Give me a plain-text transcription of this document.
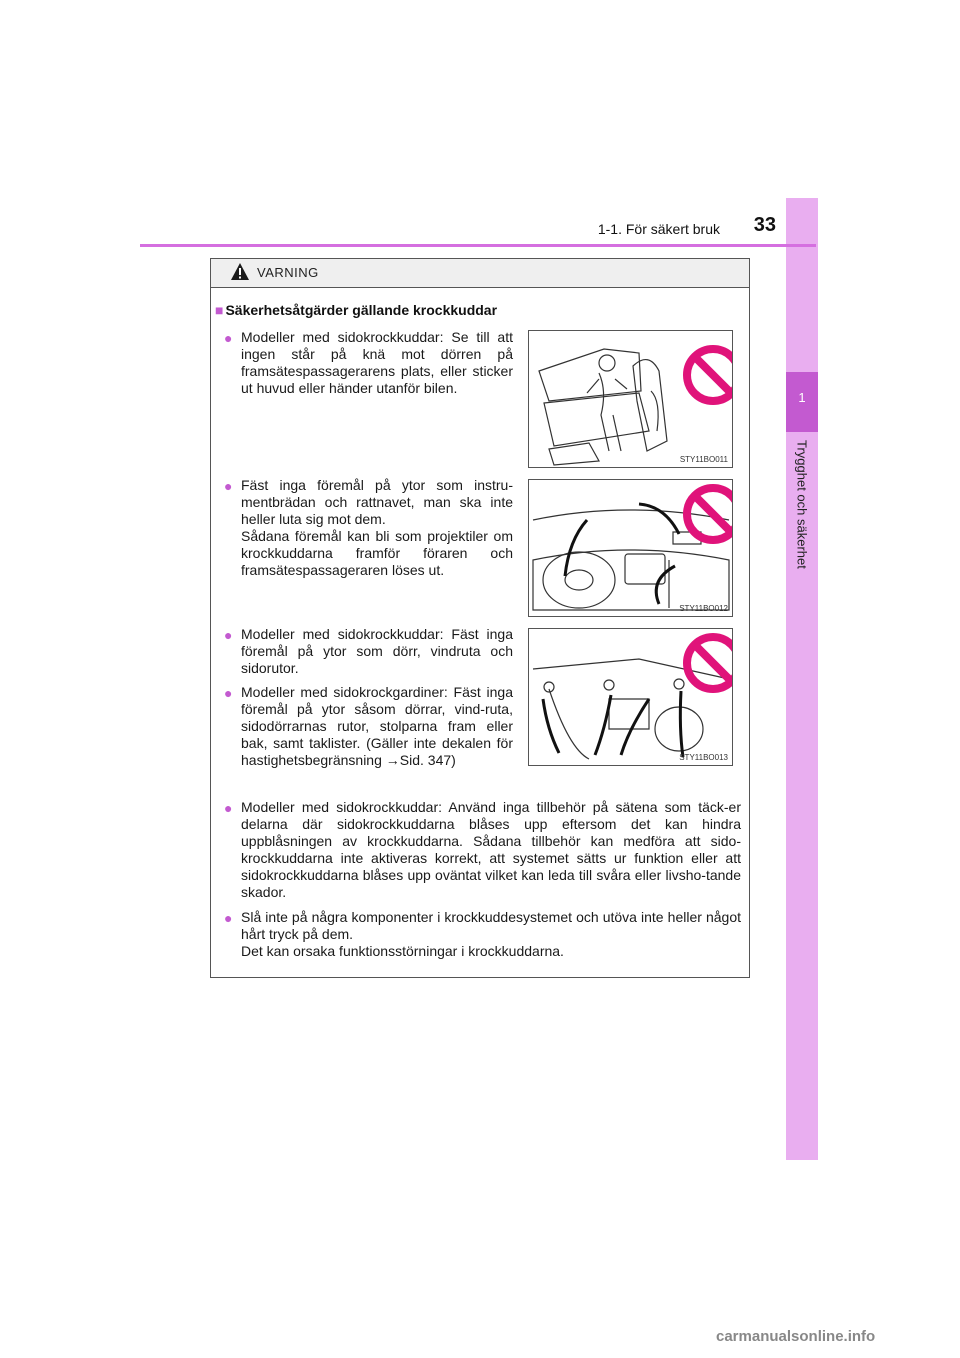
1
Trygghet och säkerhet
1-1. För säkert bruk	33
VARNING
■ Säkerhetsåtgärder gällande krockkuddar
● Modeller med sidokrockkuddar: Se till att ingen står på knä mot dörren på framsätespassagerarens plats, eller sticker ut huvud eller händer utanför bilen.

● Fäst inga föremål på ytor som instru-mentbrädan och rattnavet, man ska inte heller luta sig mot dem.

Sådana föremål kan bli som projektiler om krockkuddarna framför föraren och framsätespassageraren löses ut.

● Modeller med sidokrockkuddar: Fäst inga föremål på ytor som dörr, vindruta och sidorutor.

● Modeller med sidokrockgardiner: Fäst inga föremål på ytor såsom dörrar, vind-ruta, sidodörrarnas rutor, stolparna fram eller bak, samt taklister. (Gäller inte dekalen för hastighetsbegränsning →Sid. 347)

● Modeller med sidokrockkuddar: Använd inga tillbehör på sätena som täck-er delarna där sidokrockkuddarna blåses upp eftersom det kan hindra uppblåsningen av krockkuddarna. Sådana tillbehör kan medföra att sido-krockkuddarna inte aktiveras korrekt, att systemet sätts ur funktion eller att sidokrockkuddarna blåses upp oväntat vilket kan leda till svåra eller livsho-tande skador.

● Slå inte på några komponenter i krockkuddesystemet och utöva inte heller något hårt tryck på dem.

Det kan orsaka funktionsstörningar i krockkuddarna.

STY11BO011
STY11BO012
STY11BO013
carmanualsonline.info
